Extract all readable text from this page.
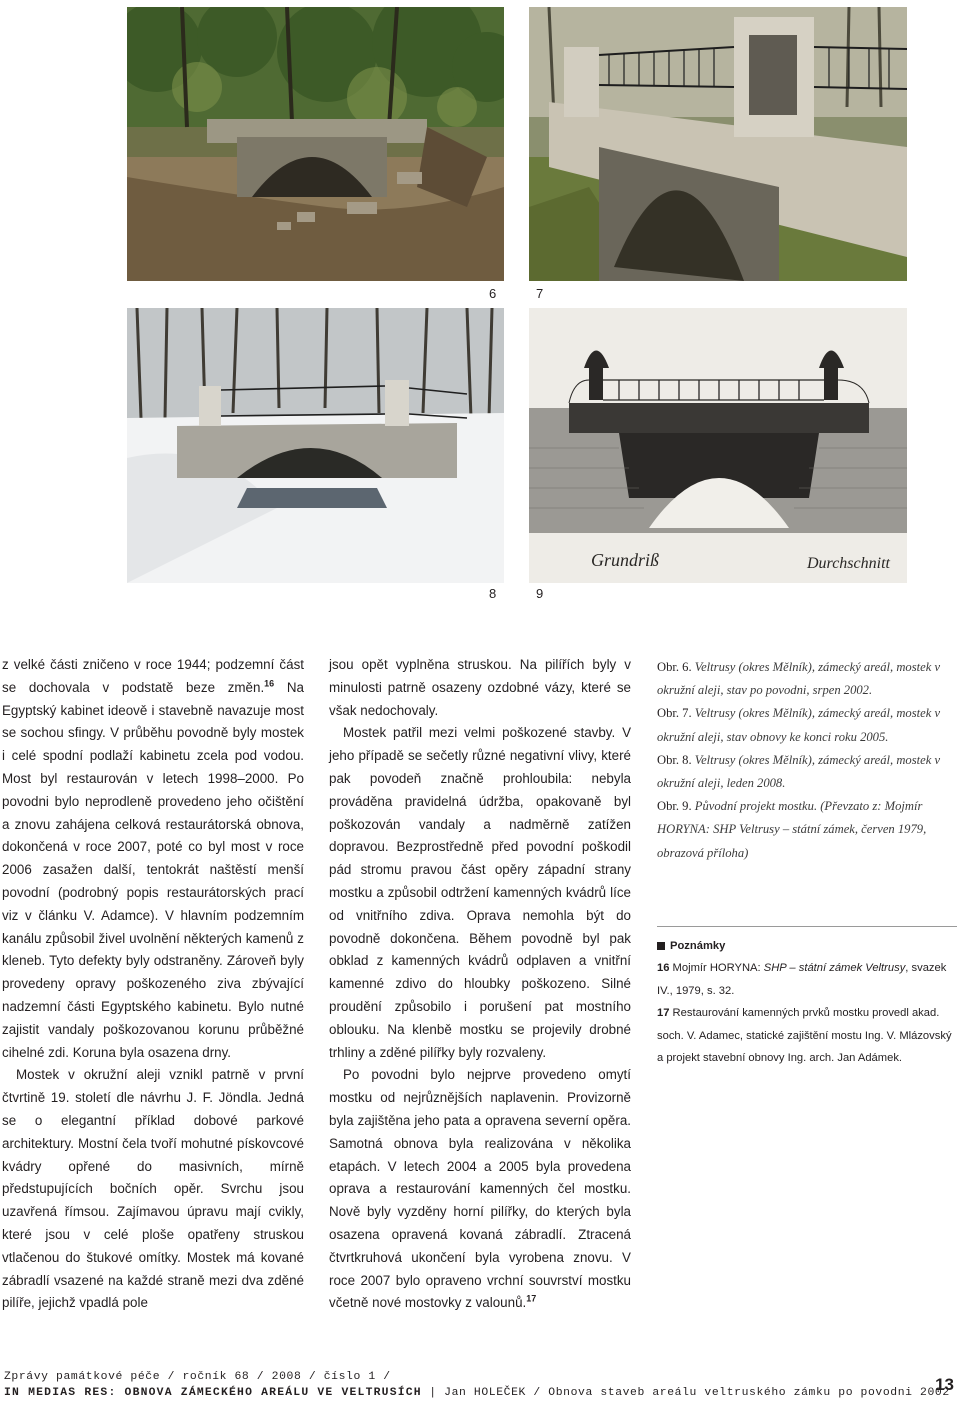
6	7
Grundriß	Durchschnitt
8	9

z velké části zničeno v roce 1944; podzemní část se dochovala v podstatě beze změn.$^{16}$ Na Egyptský kabinet ideově i stavebně navazuje most se sochou sfingy. V průběhu povodně byly mostek i celé spodní podlaží kabinetu zcela pod vodou. Most byl restaurován v letech 1998–2000. Po povodni bylo neprodleně provedeno jeho očištění a znovu zahájena celková restaurátorská obnova, dokončená v roce 2007, poté co byl most v roce 2006 zasažen další, tentokrát naštěstí menší povodní (podrobný popis restaurátorských prací viz v článku V. Adamce). V hlavním podzemním kanálu způsobil živel uvolnění některých kamenů z kleneb. Tyto defekty byly odstraněny. Zároveň byly provedeny opravy poškozeného ziva zbývající nadzemní části Egyptského kabinetu. Bylo nutné zajistit vandaly poškozovanou korunu průběžné cihelné zdi. Koruna byla osazena drny.

Mostek v okružní aleji vznikl patrně v první čtvrtině 19. století dle návrhu J. F. Jöndla. Jedná se o elegantní příklad dobové parkové architektury. Mostní čela tvoří mohutné pískovcové kvádry opřené do masivních, mírně předstupujících bočních opěr. Svrchu jsou uzavřená římsou. Zajímavou úpravu mají cvikly, které jsou v celé ploše opatřeny struskou vtlačenou do štukové omítky. Mostek má kované zábradlí vsazené na každé straně mezi dva zděné pilíře, jejichž vpadlá pole

jsou opět vyplněna struskou. Na pilířích byly v minulosti patrně osazeny ozdobné vázy, které se však nedochovaly.

Mostek patřil mezi velmi poškozené stavby. V jeho případě se sečetly různé negativní vlivy, které pak povodeň značně prohloubila: nebyla prováděna pravidelná údržba, opakovaně byl poškozován vandaly a nadměrně zatížen dopravou. Bezprostředně před povodní poškodil pád stromu pravou část opěry západní strany mostku a způsobil odtržení kamenných kvádrů líce od vnitřního zdiva. Oprava nemohla být do povodně dokončena. Během povodně byl pak obklad z kamenných kvádrů odplaven a vnitřní kamenné zdivo do hloubky poškozeno. Silné proudění způsobilo i porušení pat mostního oblouku. Na klenbě mostku se projevily drobné trhliny a zděné pilířky byly rozvaleny.

Po povodni bylo nejprve provedeno omytí mostku od nejrůznějších naplavenin. Provizorně byla zajištěna jeho pata a opravena severní opěra. Samotná obnova byla realizována v několika etapách. V letech 2004 a 2005 byla provedena oprava a restaurování kamenných čel mostku. Nově byly vyzděny horní pilířky, do kterých byla osazena opravená kovaná zábradlí. Ztracená čtvrtkruhová ukončení byla vyrobena znovu. V roce 2007 bylo opraveno vrchní souvrství mostku včetně nové mostovky z valounů.$^{17}$

Obr. 6. Veltrusy (okres Mělník), zámecký areál, mostek v okružní aleji, stav po povodni, srpen 2002.

Obr. 7. Veltrusy (okres Mělník), zámecký areál, mostek v okružní aleji, stav obnovy ke konci roku 2005.

Obr. 8. Veltrusy (okres Mělník), zámecký areál, mostek v okružní aleji, leden 2008.

Obr. 9. Původní projekt mostku. (Převzato z: Mojmír HORYNA: SHP Veltrusy – státní zámek, červen 1979, obrazová příloha)

Poznámky

16 Mojmír HORYNA: SHP – státní zámek Veltrusy, svazek IV., 1979, s. 32.

17 Restaurování kamenných prvků mostku provedl akad. soch. V. Adamec, statické zajištění mostu Ing. V. Mlázovský a projekt stavební obnovy Ing. arch. Jan Adámek.

Zprávy památkové péče / ročník 68 / 2008 / číslo 1 /
IN MEDIAS RES: OBNOVA ZÁMECKÉHO AREÁLU VE VELTRUSÍCH | Jan HOLEČEK / Obnova staveb areálu veltruského zámku po povodni 2002
13
